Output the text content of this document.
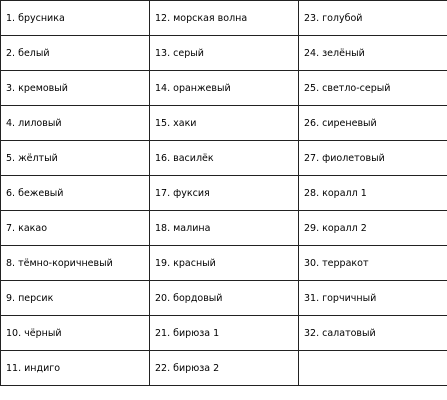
1. брусника	12. морская волна	23. голубой
2. белый	13. серый	24. зелёный
3. кремовый	14. оранжевый	25. светло-серый
4. лиловый	15. хаки	26. сиреневый
5. жёлтый	16. василёк	27. фиолетовый
6. бежевый	17. фуксия	28. коралл 1
7. какао	18. малина	29. коралл 2
8. тёмно-коричневый	19. красный	30. терракот
9. персик	20. бордовый	31. горчичный
10. чёрный	21. бирюза 1	32. салатовый
11. индиго	22. бирюза 2	
